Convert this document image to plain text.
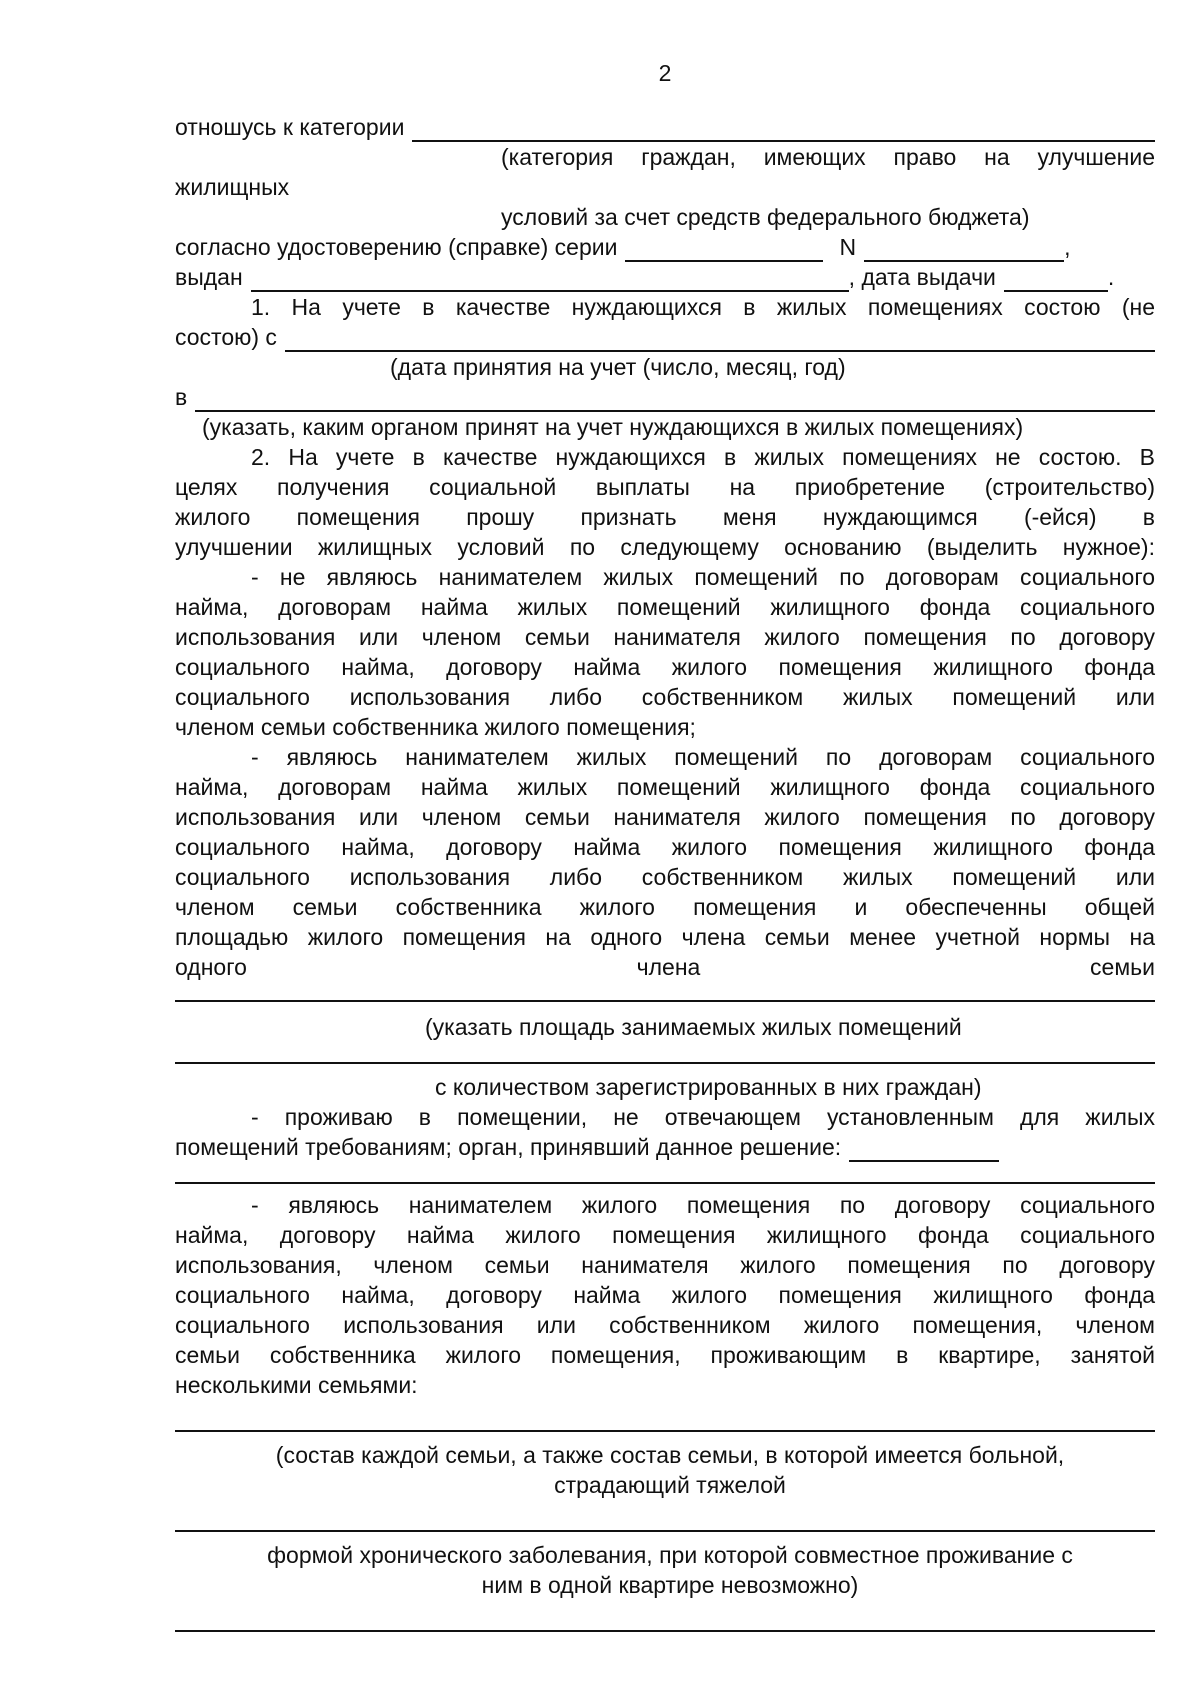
2
отношусь к категории
(категория граждан, имеющих право на улучшение
жилищных
условий за счет средств федерального бюджета)
согласно удостоверению (справке) серии	N	,
выдан	, дата выдачи	.
1. На учете в качестве нуждающихся в жилых помещениях состою (не
состою) с
(дата принятия на учет (число, месяц, год)
в
(указать, каким органом принят на учет нуждающихся в жилых помещениях)
2. На учете в качестве нуждающихся в жилых помещениях не состою. В
целях получения социальной выплаты на приобретение (строительство)
жилого помещения прошу признать меня нуждающимся (-ейся) в
улучшении жилищных условий по следующему основанию (выделить нужное):
- не являюсь нанимателем жилых помещений по договорам социального
найма, договорам найма жилых помещений жилищного фонда социального
использования или членом семьи нанимателя жилого помещения по договору
социального найма, договору найма жилого помещения жилищного фонда
социального использования либо собственником жилых помещений или
членом семьи собственника жилого помещения;
- являюсь нанимателем жилых помещений по договорам социального
найма, договорам найма жилых помещений жилищного фонда социального
использования или членом семьи нанимателя жилого помещения по договору
социального найма, договору найма жилого помещения жилищного фонда
социального использования либо собственником жилых помещений или
членом семьи собственника жилого помещения и обеспеченны общей
площадью жилого помещения на одного члена семьи менее учетной нормы на
одного члена семьи
(указать площадь занимаемых жилых помещений
с количеством зарегистрированных в них граждан)
- проживаю в помещении, не отвечающем установленным для жилых
помещений требованиям; орган, принявший данное решение:
- являюсь нанимателем жилого помещения по договору социального
найма, договору найма жилого помещения жилищного фонда социального
использования, членом семьи нанимателя жилого помещения по договору
социального найма, договору найма жилого помещения жилищного фонда
социального использования или собственником жилого помещения, членом
семьи собственника жилого помещения, проживающим в квартире, занятой
несколькими семьями:
(состав каждой семьи, а также состав семьи, в которой имеется больной,
страдающий тяжелой
формой хронического заболевания, при которой совместное проживание с
ним в одной квартире невозможно)
